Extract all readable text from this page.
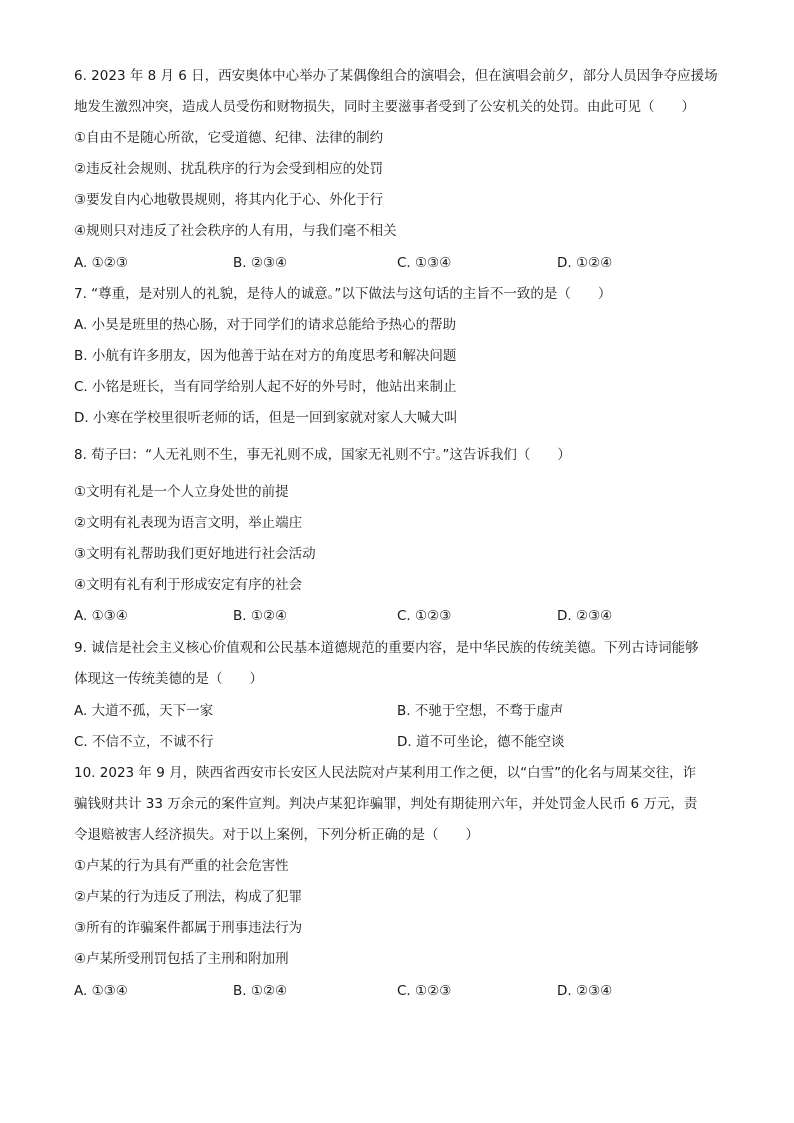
6. 2023 年 8 月 6 日，西安奥体中心举办了某偶像组合的演唱会，但在演唱会前夕，部分人员因争夺应援场
地发生激烈冲突，造成人员受伤和财物损失，同时主要滋事者受到了公安机关的处罚。由此可见（　　）
①自由不是随心所欲，它受道德、纪律、法律的制约
②违反社会规则、扰乱秩序的行为会受到相应的处罚
③要发自内心地敬畏规则，将其内化于心、外化于行
④规则只对违反了社会秩序的人有用，与我们毫不相关
A. ①②③	B. ②③④	C. ①③④	D. ①②④
7. “尊重，是对别人的礼貌，是待人的诚意。”以下做法与这句话的主旨不一致的是（　　）
A. 小昊是班里的热心肠，对于同学们的请求总能给予热心的帮助
B. 小航有许多朋友，因为他善于站在对方的角度思考和解决问题
C. 小铭是班长，当有同学给别人起不好的外号时，他站出来制止
D. 小寒在学校里很听老师的话，但是一回到家就对家人大喊大叫
8. 荀子曰：“人无礼则不生，事无礼则不成，国家无礼则不宁。”这告诉我们（　　）
①文明有礼是一个人立身处世的前提
②文明有礼表现为语言文明，举止端庄
③文明有礼帮助我们更好地进行社会活动
④文明有礼有利于形成安定有序的社会
A. ①③④	B. ①②④	C. ①②③	D. ②③④
9. 诚信是社会主义核心价值观和公民基本道德规范的重要内容，是中华民族的传统美德。下列古诗词能够
体现这一传统美德的是（　　）
A. 大道不孤，天下一家	B. 不驰于空想，不骛于虚声
C. 不信不立，不诚不行	D. 道不可坐论，德不能空谈
10. 2023 年 9 月，陕西省西安市长安区人民法院对卢某利用工作之便，以“白雪”的化名与周某交往，诈
骗钱财共计 33 万余元的案件宣判。判决卢某犯诈骗罪，判处有期徒刑六年，并处罚金人民币 6 万元，责
令退赔被害人经济损失。对于以上案例，下列分析正确的是（　　）
①卢某的行为具有严重的社会危害性
②卢某的行为违反了刑法，构成了犯罪
③所有的诈骗案件都属于刑事违法行为
④卢某所受刑罚包括了主刑和附加刑
A. ①③④	B. ①②④	C. ①②③	D. ②③④
